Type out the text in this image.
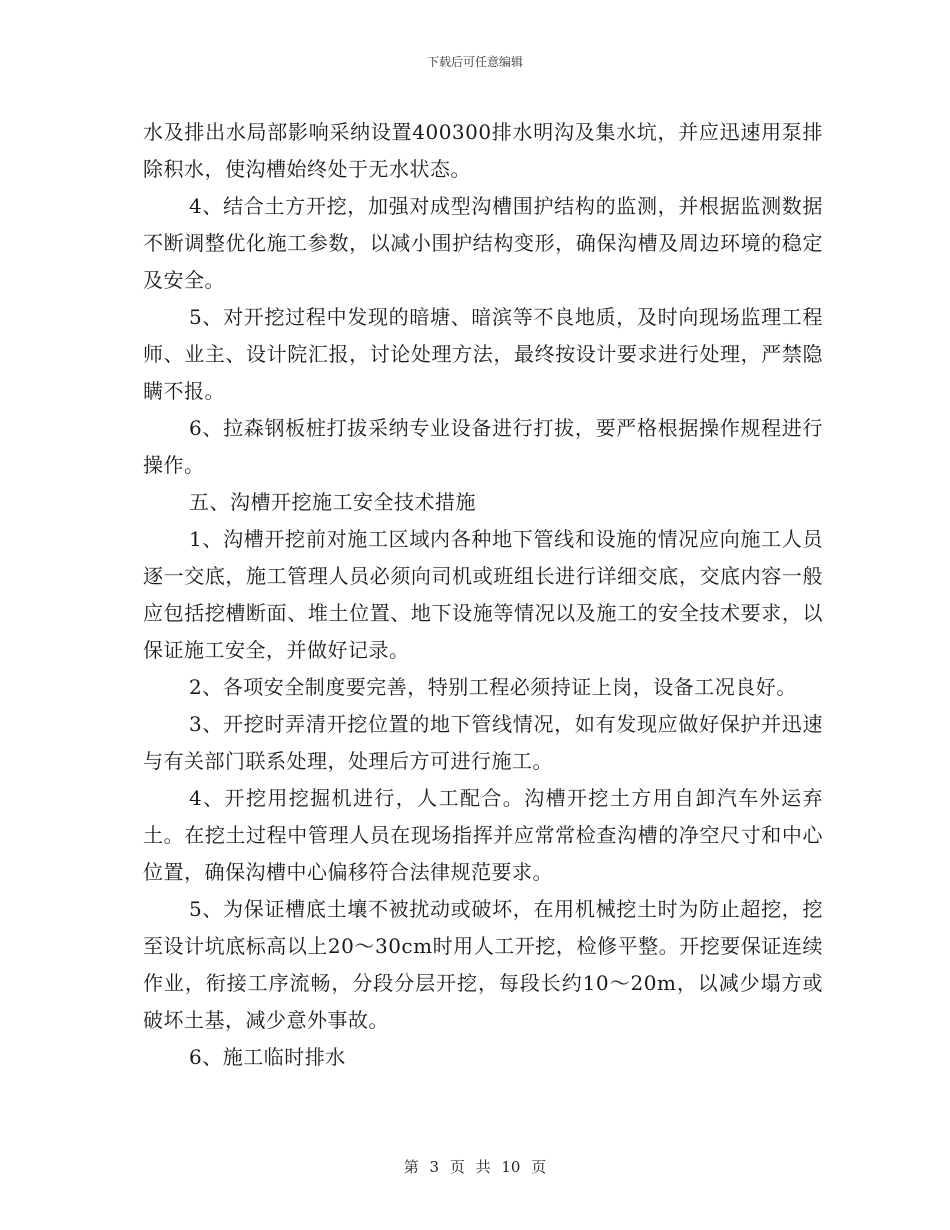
下载后可任意编辑

水及排出水局部影响采纳设置400300排水明沟及集水坑，并应迅速用泵排除积水，使沟槽始终处于无水状态。

4、结合土方开挖，加强对成型沟槽围护结构的监测，并根据监测数据不断调整优化施工参数，以减小围护结构变形，确保沟槽及周边环境的稳定及安全。

5、对开挖过程中发现的暗塘、暗滨等不良地质，及时向现场监理工程师、业主、设计院汇报，讨论处理方法，最终按设计要求进行处理，严禁隐瞒不报。

6、拉森钢板桩打拔采纳专业设备进行打拔，要严格根据操作规程进行操作。

五、沟槽开挖施工安全技术措施

1、沟槽开挖前对施工区域内各种地下管线和设施的情况应向施工人员逐一交底，施工管理人员必须向司机或班组长进行详细交底，交底内容一般应包括挖槽断面、堆土位置、地下设施等情况以及施工的安全技术要求，以保证施工安全，并做好记录。

2、各项安全制度要完善，特别工程必须持证上岗，设备工况良好。

3、开挖时弄清开挖位置的地下管线情况，如有发现应做好保护并迅速与有关部门联系处理，处理后方可进行施工。

4、开挖用挖掘机进行，人工配合。沟槽开挖土方用自卸汽车外运弃土。在挖土过程中管理人员在现场指挥并应常常检查沟槽的净空尺寸和中心位置，确保沟槽中心偏移符合法律规范要求。

5、为保证槽底土壤不被扰动或破坏，在用机械挖土时为防止超挖，挖至设计坑底标高以上20～30cm时用人工开挖，检修平整。开挖要保证连续作业，衔接工序流畅，分段分层开挖，每段长约10～20m，以减少塌方或破坏土基，减少意外事故。

6、施工临时排水

第 3 页 共 10 页
